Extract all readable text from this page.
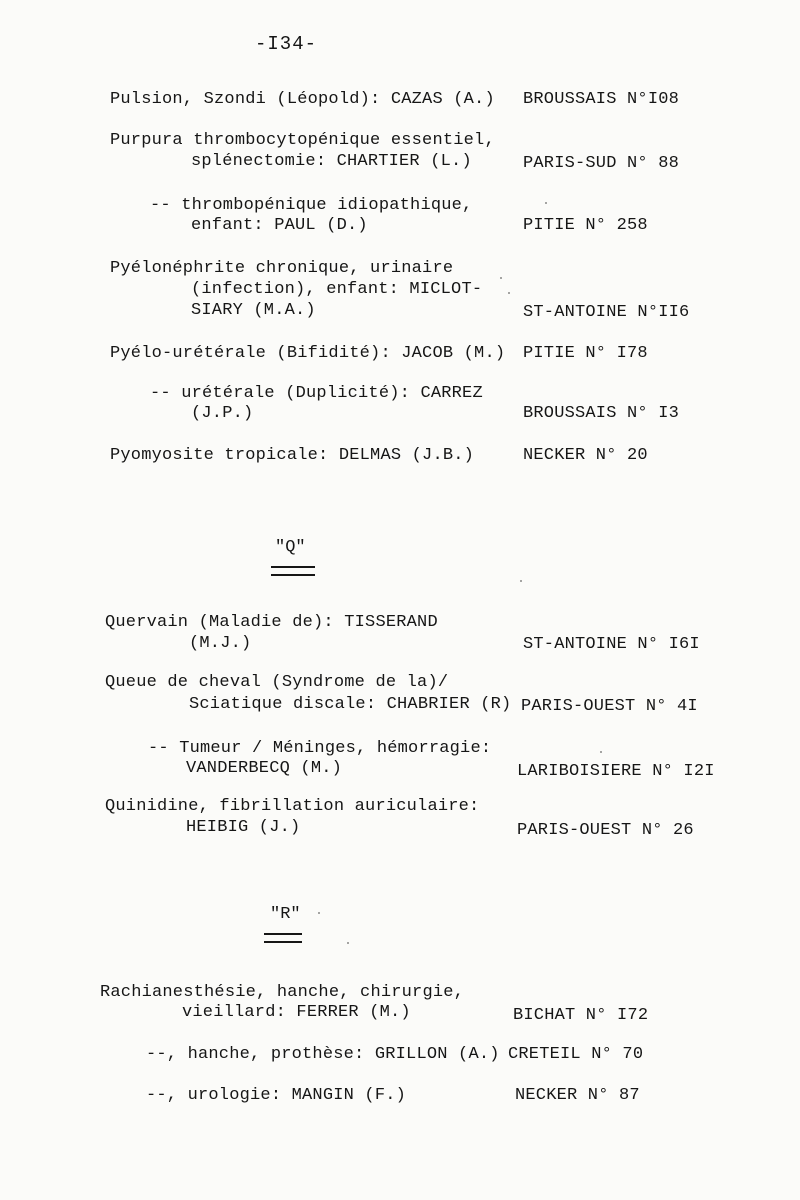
-I34-
Pulsion, Szondi (Léopold): CAZAS (A.) BROUSSAIS N°I08
Purpura thrombocytopénique essentiel,
splénectomie: CHARTIER (L.)	PARIS-SUD N° 88
-- thrombopénique idiopathique,
enfant: PAUL (D.)	PITIE N° 258
Pyélonéphrite chronique, urinaire
(infection), enfant: MICLOT-
SIARY (M.A.)	ST-ANTOINE N°II6
Pyélo-urétérale (Bifidité): JACOB (M.) PITIE N° I78
-- urétérale (Duplicité): CARREZ
(J.P.)	BROUSSAIS N° I3
Pyomyosite tropicale: DELMAS (J.B.)	NECKER N° 20
"Q"
Quervain (Maladie de): TISSERAND
(M.J.)	ST-ANTOINE N° I6I
Queue de cheval (Syndrome de la)/
Sciatique discale: CHABRIER (R) PARIS-OUEST N° 4I
-- Tumeur / Méninges, hémorragie:
VANDERBECQ (M.)	LARIBOISIERE N° I2I
Quinidine, fibrillation auriculaire:
HEIBIG (J.)	PARIS-OUEST N° 26
"R"
Rachianesthésie, hanche, chirurgie,
vieillard: FERRER (M.)	BICHAT N° I72
--, hanche, prothèse: GRILLON (A.) CRETEIL N° 70
--, urologie: MANGIN (F.)	NECKER N° 87
